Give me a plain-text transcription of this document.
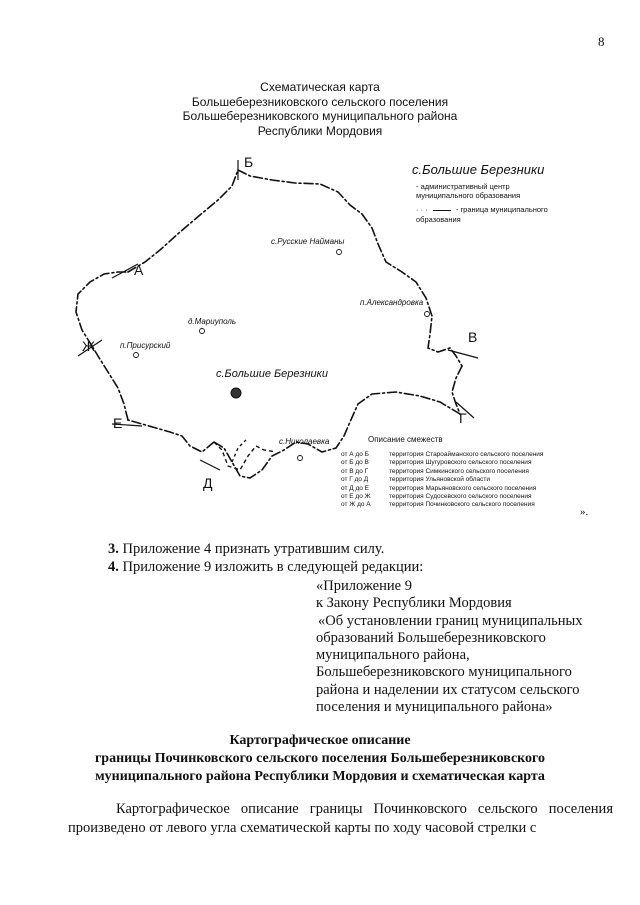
8
Схематическая карта
Большеберезниковского сельского поселения
Большеберезниковского муниципального района
Республики Мордовия
с.Русские Найманы
п.Александровка
д.Мариуполь
п.Присурский
с.Большие Березники
с.Николаевка
А
Б
В
Г
Д
Е
Ж
с.Большие Березники
- административный центр
муниципального образования
· · ·	- граница муниципального
образования
Описание смежеств
от А до Б	территория Староайманского сельского поселения
от Б до В	территория Шугуровского сельского поселения
от В до Г	территория Симкинского сельского поселения
от Г до Д	территория Ульяновской области
от Д до Е	территория Марьяновского сельского поселения
от Е до Ж	территория Судосевского сельского поселения
от Ж до А	территория Починковского сельского поселения
».
3. Приложение 4 признать утратившим силу.
4. Приложение 9 изложить в следующей редакции:
«Приложение 9
к Закону Республики Мордовия
«Об установлении границ муниципальных
образований Большеберезниковского
муниципального района,
Большеберезниковского муниципального
района и наделении их статусом сельского
поселения и муниципального района»
Картографическое описание
границы Починковского сельского поселения Большеберезниковского
муниципального района Республики Мордовия и схематическая карта
Картографическое описание границы Починковского сельского поселения произведено от левого угла схематической карты по ходу часовой стрелки с
